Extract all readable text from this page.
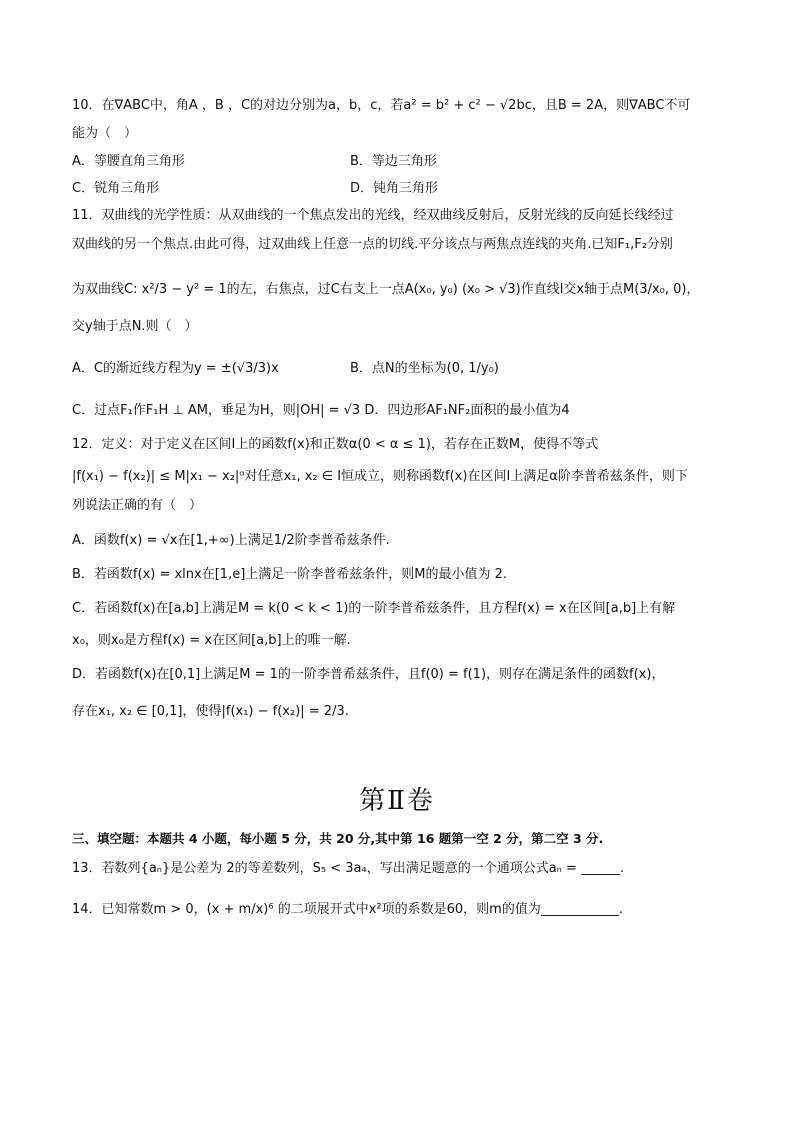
10．在∇ABC中，角A ，B ，C的对边分别为a，b，c，若a² = b² + c² − √2bc，且B = 2A，则∇ABC不可
能为（　）
A．等腰直角三角形	B．等边三角形
C．锐角三角形	D．钝角三角形
11．双曲线的光学性质：从双曲线的一个焦点发出的光线，经双曲线反射后，反射光线的反向延长线经过
双曲线的另一个焦点.由此可得，过双曲线上任意一点的切线.平分该点与两焦点连线的夹角.已知F₁,F₂分别
为双曲线C: x²/3 − y² = 1的左，右焦点，过C右支上一点A(x₀, y₀) (x₀ > √3)作直线l交x轴于点M(3/x₀, 0)，
交y轴于点N.则（　）
A．C的渐近线方程为y = ±(√3/3)x	B．点N的坐标为(0, 1/y₀)
C．过点F₁作F₁H ⊥ AM，垂足为H，则|OH| = √3 D．四边形AF₁NF₂面积的最小值为4
12．定义：对于定义在区间I上的函数f(x)和正数α(0 < α ≤ 1)，若存在正数M，使得不等式
|f(x₁) − f(x₂)| ≤ M|x₁ − x₂|ᵅ对任意x₁, x₂ ∈ I恒成立，则称函数f(x)在区间I上满足α阶李普希兹条件，则下
列说法正确的有（　）
A．函数f(x) = √x在[1,+∞)上满足1/2阶李普希兹条件.
B．若函数f(x) = xlnx在[1,e]上满足一阶李普希兹条件，则M的最小值为 2.
C．若函数f(x)在[a,b]上满足M = k(0 < k < 1)的一阶李普希兹条件，且方程f(x) = x在区间[a,b]上有解
x₀，则x₀是方程f(x) = x在区间[a,b]上的唯一解.
D．若函数f(x)在[0,1]上满足M = 1的一阶李普希兹条件，且f(0) = f(1)，则存在满足条件的函数f(x)，
存在x₁, x₂ ∈ [0,1]，使得|f(x₁) − f(x₂)| = 2/3.
第Ⅱ卷
三、填空题：本题共 4 小题，每小题 5 分，共 20 分,其中第 16 题第一空 2 分，第二空 3 分.
13．若数列{aₙ}是公差为 2的等差数列，S₅ < 3a₄，写出满足题意的一个通项公式aₙ = ______.
14．已知常数m > 0，(x + m/x)⁶ 的二项展开式中x²项的系数是60，则m的值为____________.
